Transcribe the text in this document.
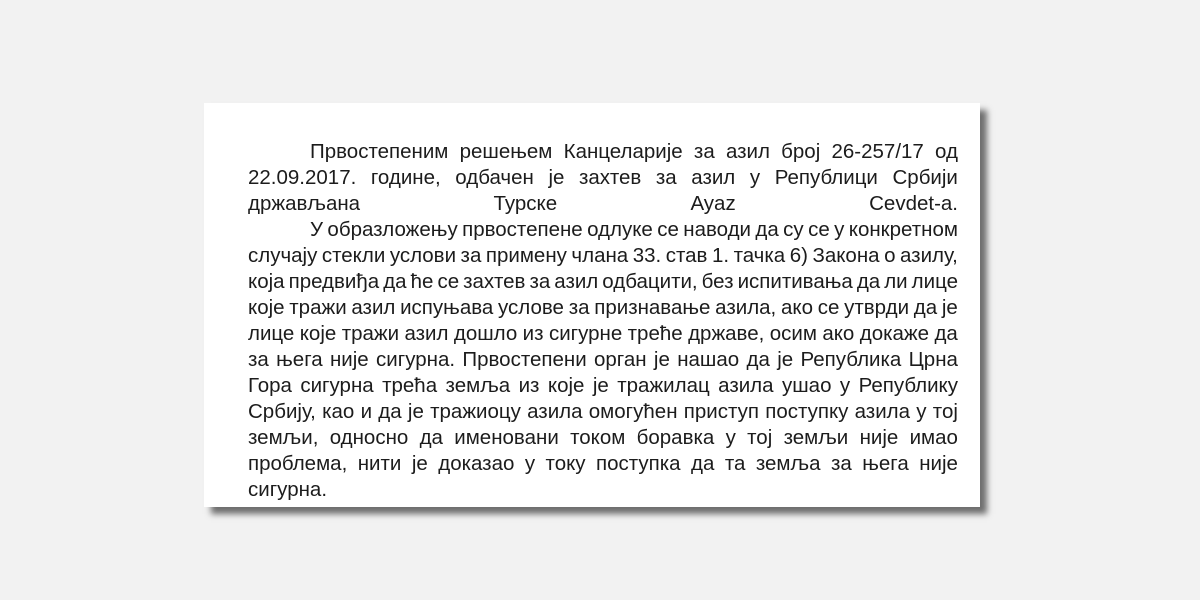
Првостепеним решењем Канцеларије за азил број 26-257/17 од
22.09.2017. године, одбачен је захтев за азил у Републици Србији
држављана Турске Ayaz Cevdet-a.
У образложењу првостепене одлуке се наводи да су се у конкретном
случају стекли услови за примену члана 33. став 1. тачка 6) Закона о азилу,
која предвиђа да ће се захтев за азил одбацити, без испитивања да ли лице
које тражи азил испуњава услове за признавање азила, ако се утврди да је
лице које тражи азил дошло из сигурне треће државе, осим ако докаже да
за њега није сигурна. Првостепени орган је нашао да је Република Црна
Гора сигурна трећа земља из које је тражилац азила ушао у Републику
Србију, као и да је тражиоцу азила омогућен приступ поступку азила у тој
земљи, односно да именовани током боравка у тој земљи није имао
проблема, нити је доказао у току поступка да та земља за њега није
сигурна.
